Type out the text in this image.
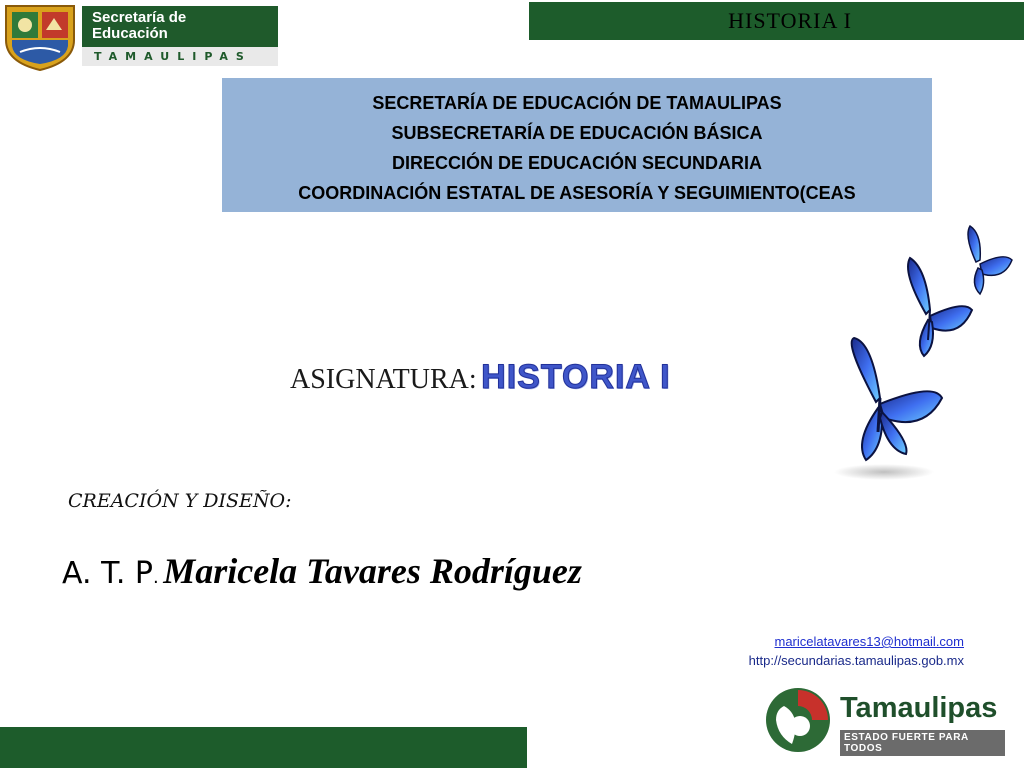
Secretaría de
Educación
TAMAULIPAS
HISTORIA I
SECRETARÍA DE EDUCACIÓN DE TAMAULIPAS
SUBSECRETARÍA DE EDUCACIÓN BÁSICA
DIRECCIÓN DE EDUCACIÓN SECUNDARIA
COORDINACIÓN ESTATAL DE ASESORÍA Y SEGUIMIENTO(CEAS
ASIGNATURA: HISTORIA I
CREACIÓN Y DISEÑO:
A. T. P. Maricela Tavares Rodríguez
maricelatavares13@hotmail.com
http://secundarias.tamaulipas.gob.mx
Tamaulipas
ESTADO FUERTE PARA TODOS
